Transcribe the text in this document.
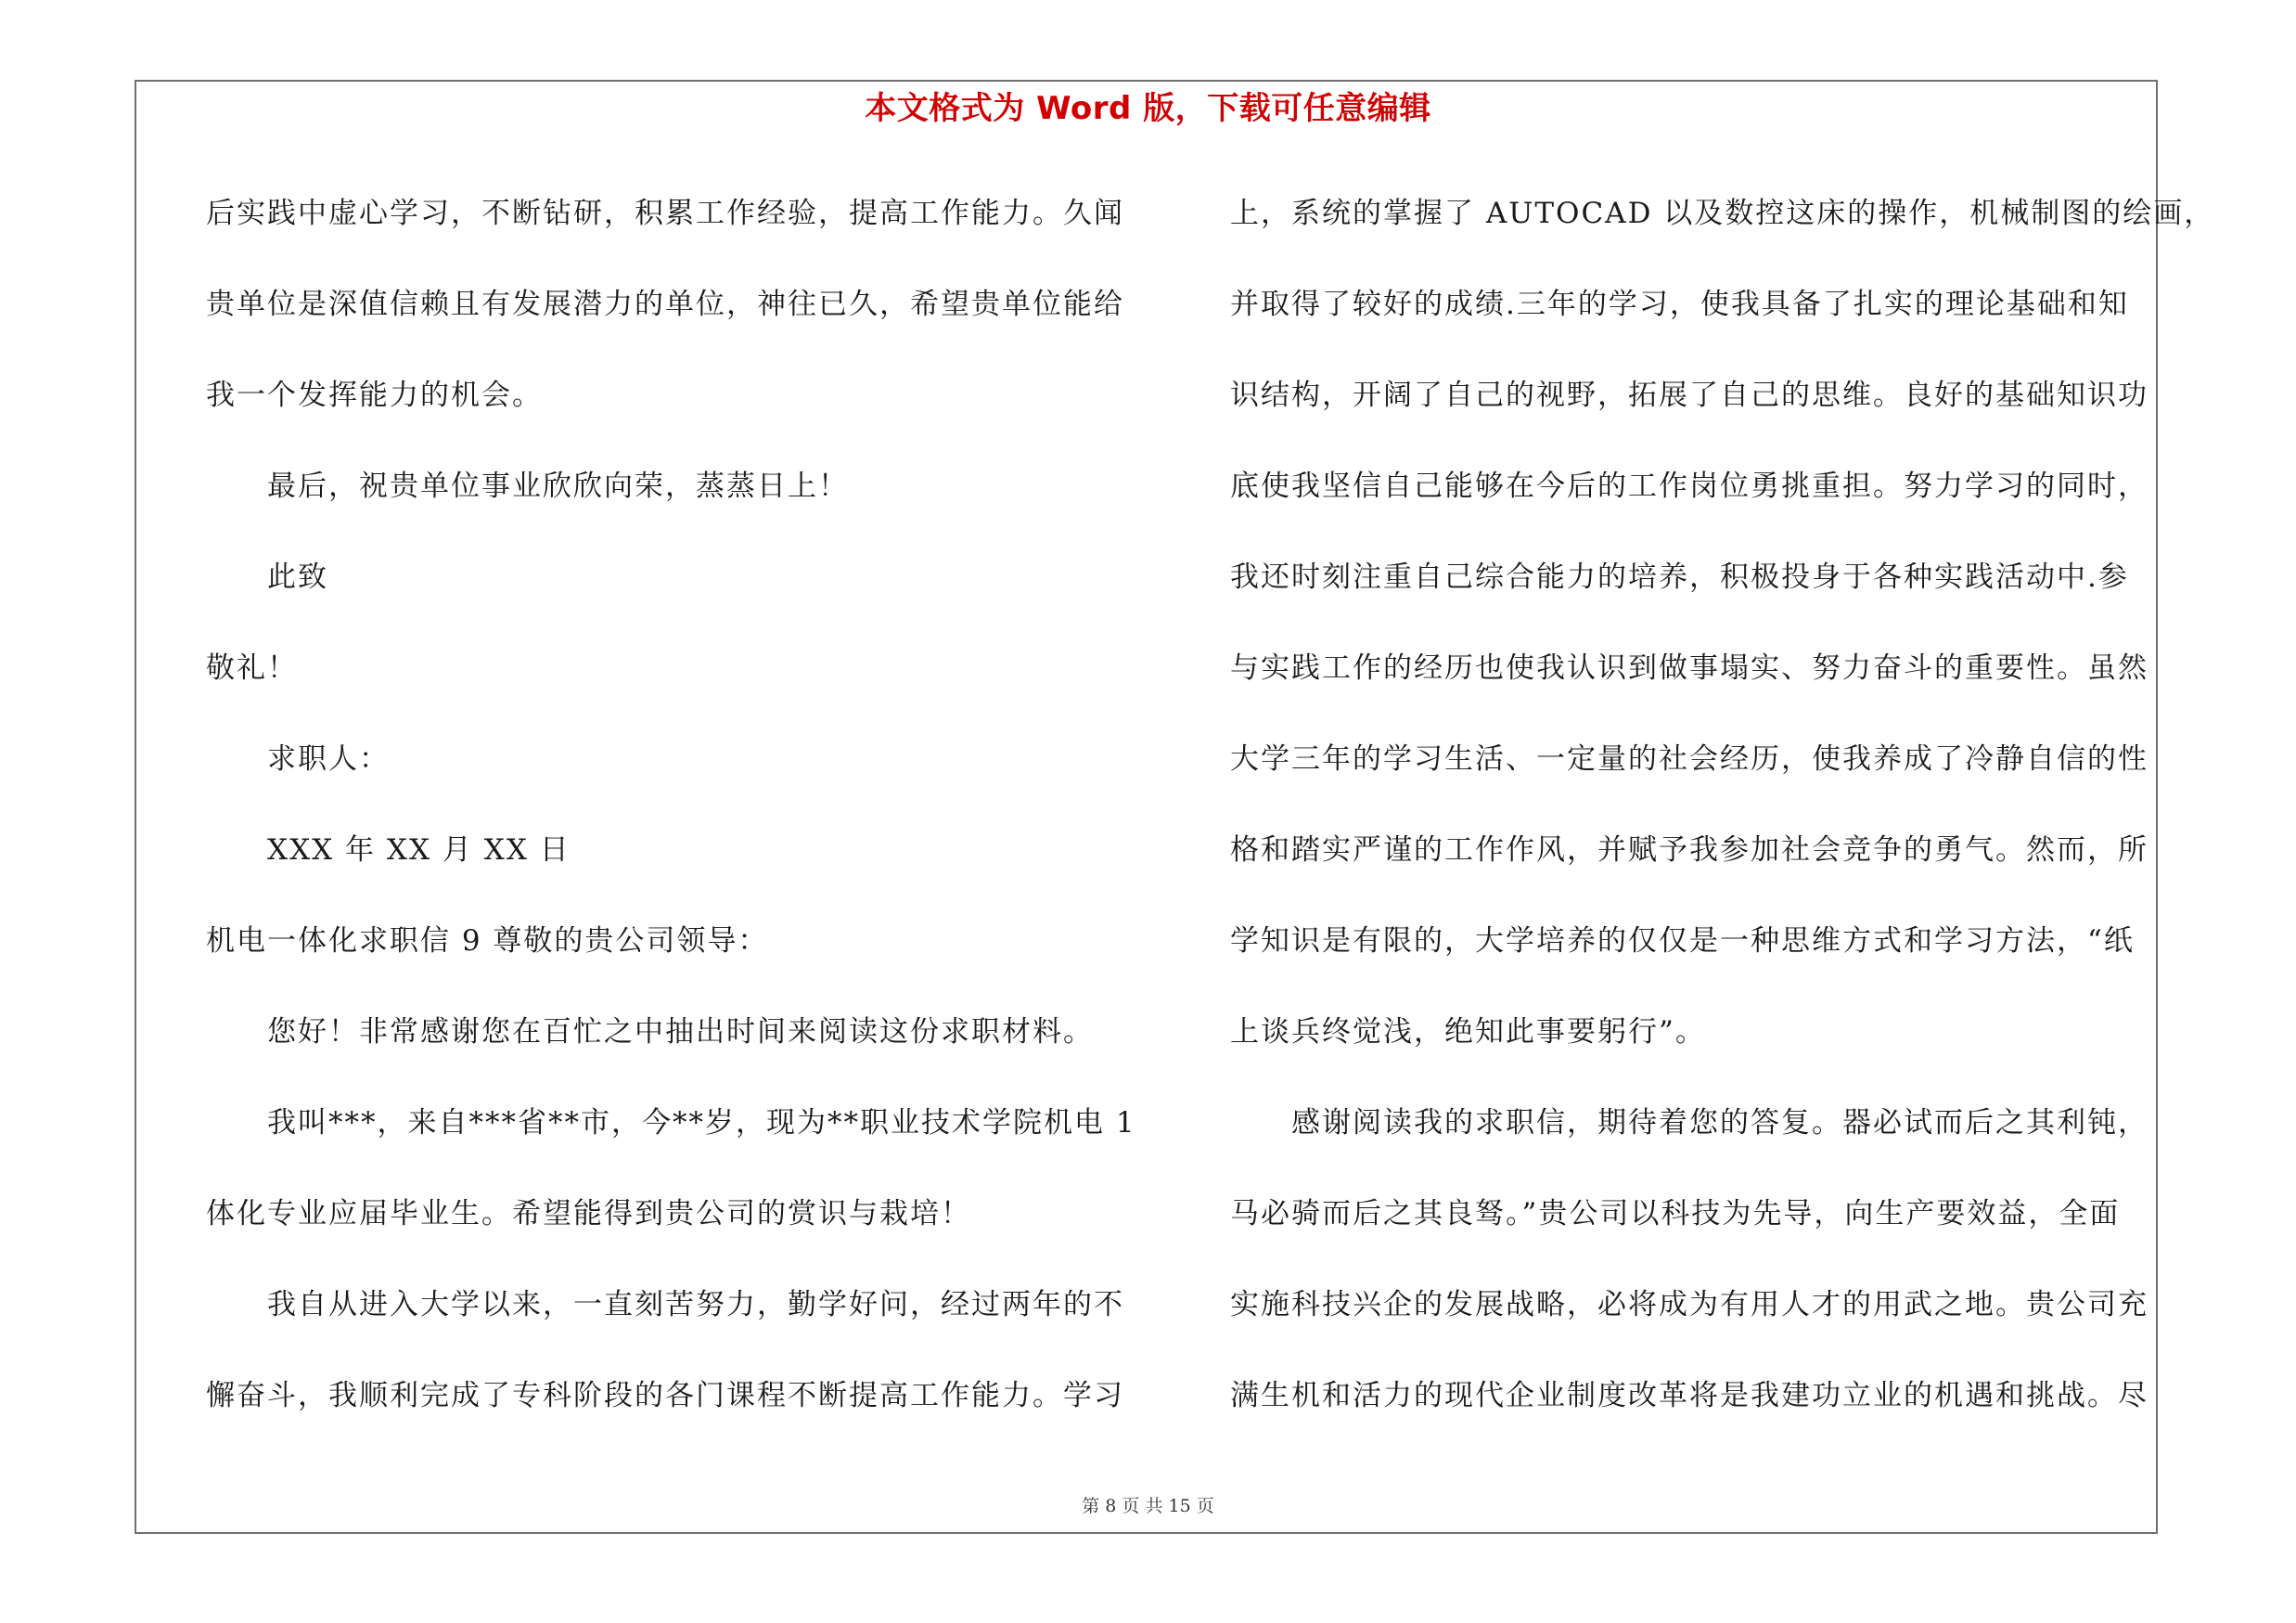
本文格式为 Word 版，下载可任意编辑
后实践中虚心学习，不断钻研，积累工作经验，提高工作能力。久闻
贵单位是深值信赖且有发展潜力的单位，神往已久，希望贵单位能给
我一个发挥能力的机会。
最后，祝贵单位事业欣欣向荣，蒸蒸日上！
此致
敬礼！
求职人：
XXX 年 XX 月 XX 日
机电一体化求职信 9 尊敬的贵公司领导：
您好！非常感谢您在百忙之中抽出时间来阅读这份求职材料。
我叫***，来自***省**市，今**岁，现为**职业技术学院机电 1
体化专业应届毕业生。希望能得到贵公司的赏识与栽培！
我自从进入大学以来，一直刻苦努力，勤学好问，经过两年的不
懈奋斗，我顺利完成了专科阶段的各门课程不断提高工作能力。学习
上，系统的掌握了 AUTOCAD 以及数控这床的操作，机械制图的绘画，
并取得了较好的成绩.三年的学习，使我具备了扎实的理论基础和知
识结构，开阔了自己的视野，拓展了自己的思维。良好的基础知识功
底使我坚信自己能够在今后的工作岗位勇挑重担。努力学习的同时，
我还时刻注重自己综合能力的培养，积极投身于各种实践活动中.参
与实践工作的经历也使我认识到做事塌实、努力奋斗的重要性。虽然
大学三年的学习生活、一定量的社会经历，使我养成了冷静自信的性
格和踏实严谨的工作作风，并赋予我参加社会竞争的勇气。然而，所
学知识是有限的，大学培养的仅仅是一种思维方式和学习方法，“纸
上谈兵终觉浅，绝知此事要躬行”。
感谢阅读我的求职信，期待着您的答复。器必试而后之其利钝，
马必骑而后之其良驽。”贵公司以科技为先导，向生产要效益，全面
实施科技兴企的发展战略，必将成为有用人才的用武之地。贵公司充
满生机和活力的现代企业制度改革将是我建功立业的机遇和挑战。尽
第 8 页 共 15 页
